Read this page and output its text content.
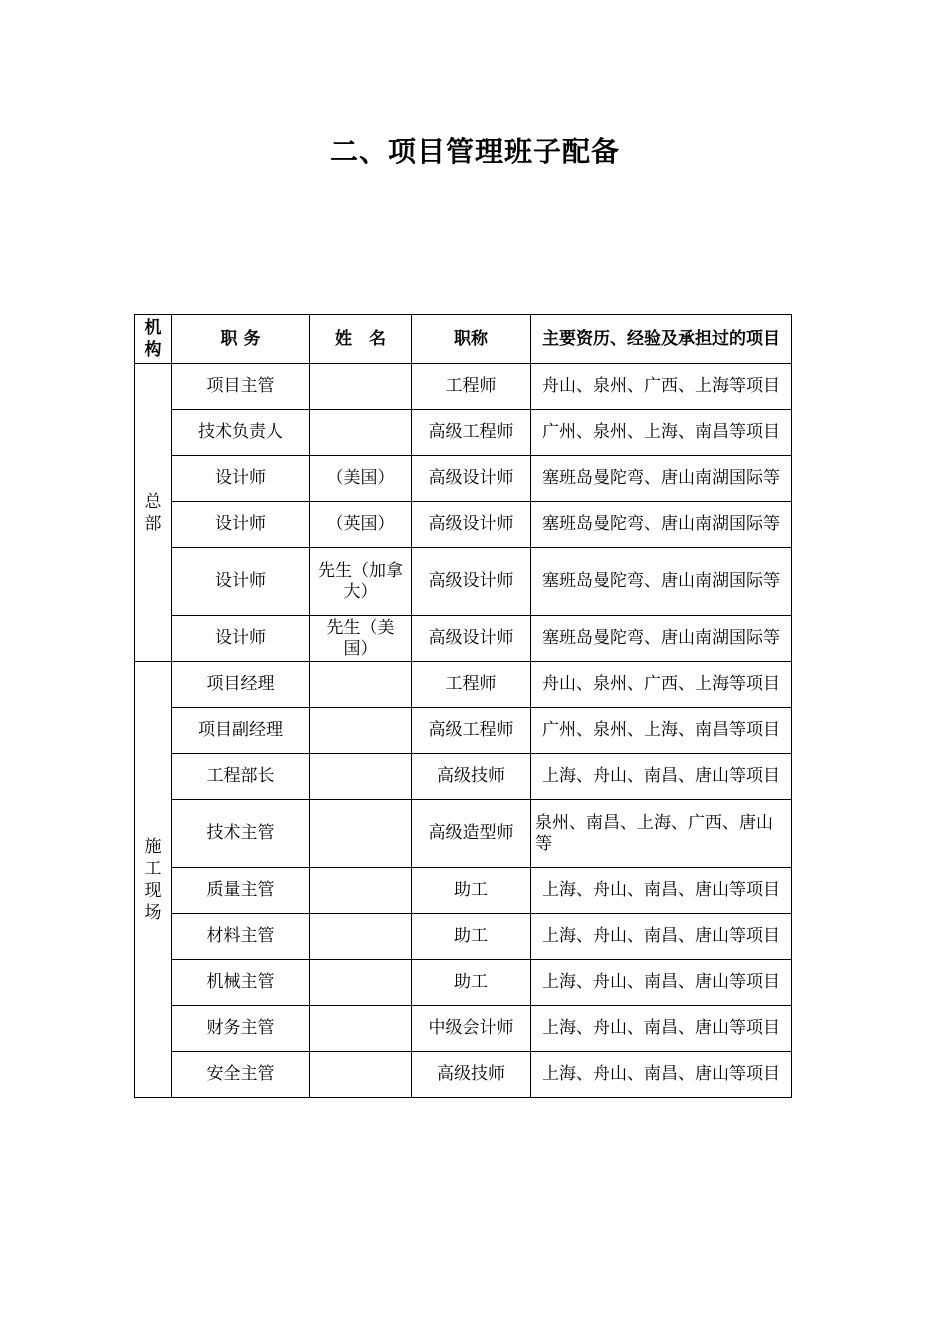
二、项目管理班子配备
机构	职 务	姓　名	职称	主要资历、经验及承担过的项目
总部	项目主管		工程师	舟山、泉州、广西、上海等项目
	技术负责人		高级工程师	广州、泉州、上海、南昌等项目
	设计师	（美国）	高级设计师	塞班岛曼陀弯、唐山南湖国际等
	设计师	（英国）	高级设计师	塞班岛曼陀弯、唐山南湖国际等
	设计师	先生（加拿大）	高级设计师	塞班岛曼陀弯、唐山南湖国际等
	设计师	先生（美国）	高级设计师	塞班岛曼陀弯、唐山南湖国际等
施工现场	项目经理		工程师	舟山、泉州、广西、上海等项目
	项目副经理		高级工程师	广州、泉州、上海、南昌等项目
	工程部长		高级技师	上海、舟山、南昌、唐山等项目
	技术主管		高级造型师	泉州、南昌、上海、广西、唐山等
	质量主管		助工	上海、舟山、南昌、唐山等项目
	材料主管		助工	上海、舟山、南昌、唐山等项目
	机械主管		助工	上海、舟山、南昌、唐山等项目
	财务主管		中级会计师	上海、舟山、南昌、唐山等项目
	安全主管		高级技师	上海、舟山、南昌、唐山等项目
